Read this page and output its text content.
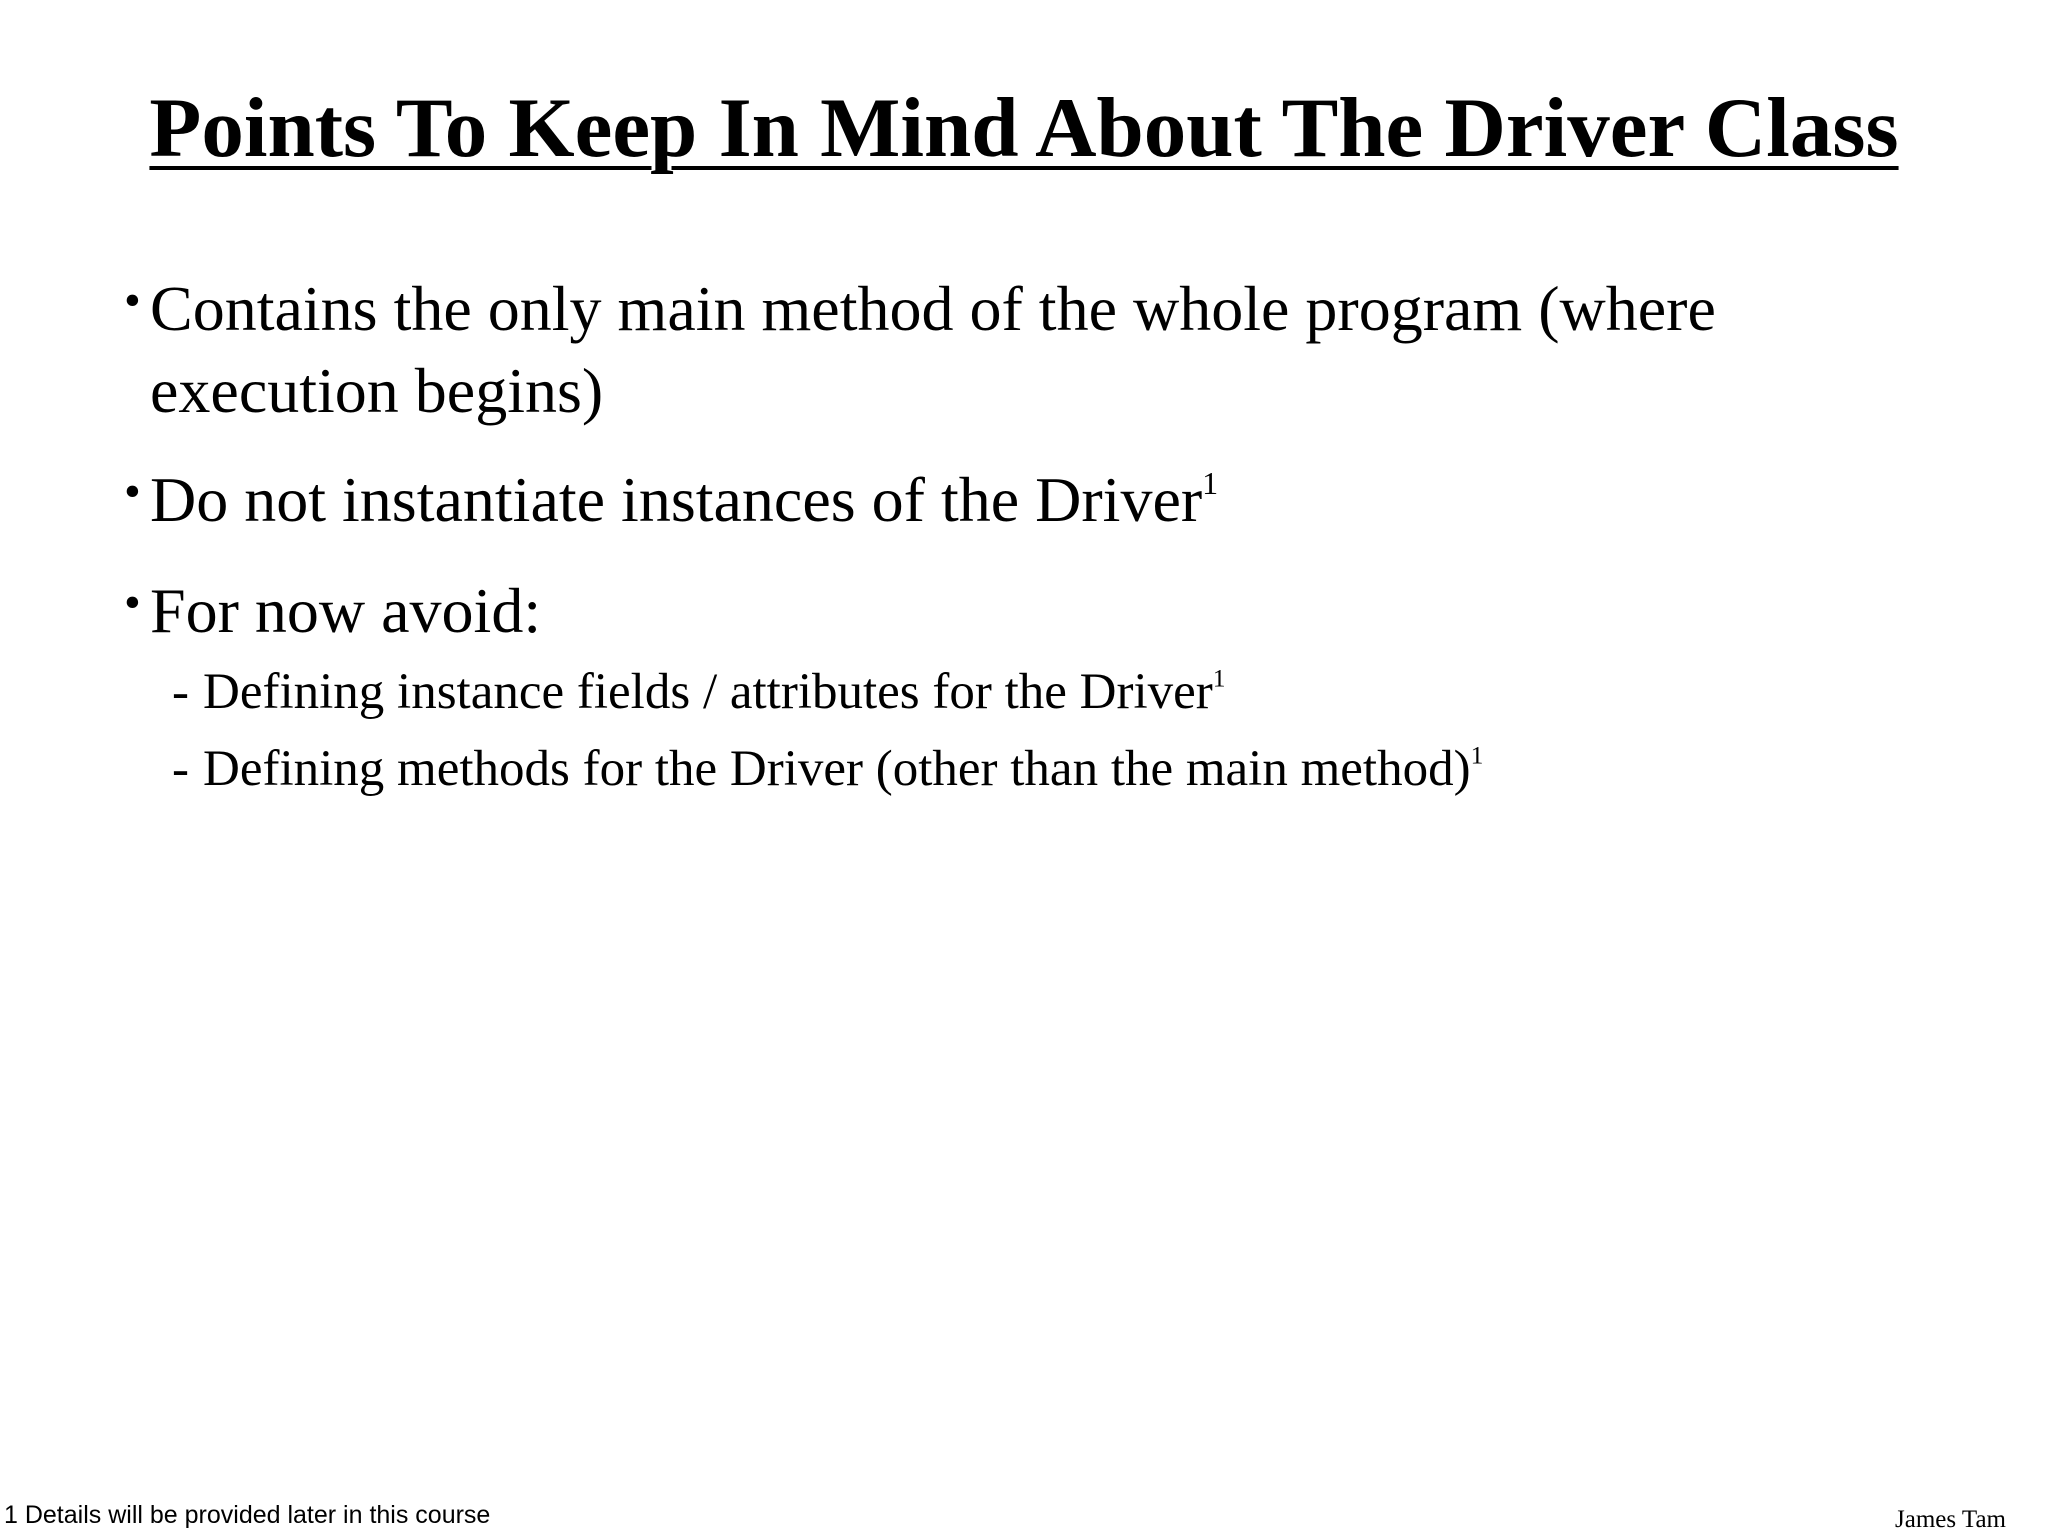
Points To Keep In Mind About The Driver Class
• Contains the only main method of the whole program (where execution begins)
• Do not instantiate instances of the Driver$^1$
• For now avoid:
- Defining instance fields / attributes for the Driver$^1$
- Defining methods for the Driver (other than the main method)$^1$
1 Details will be provided later in this course	James Tam
